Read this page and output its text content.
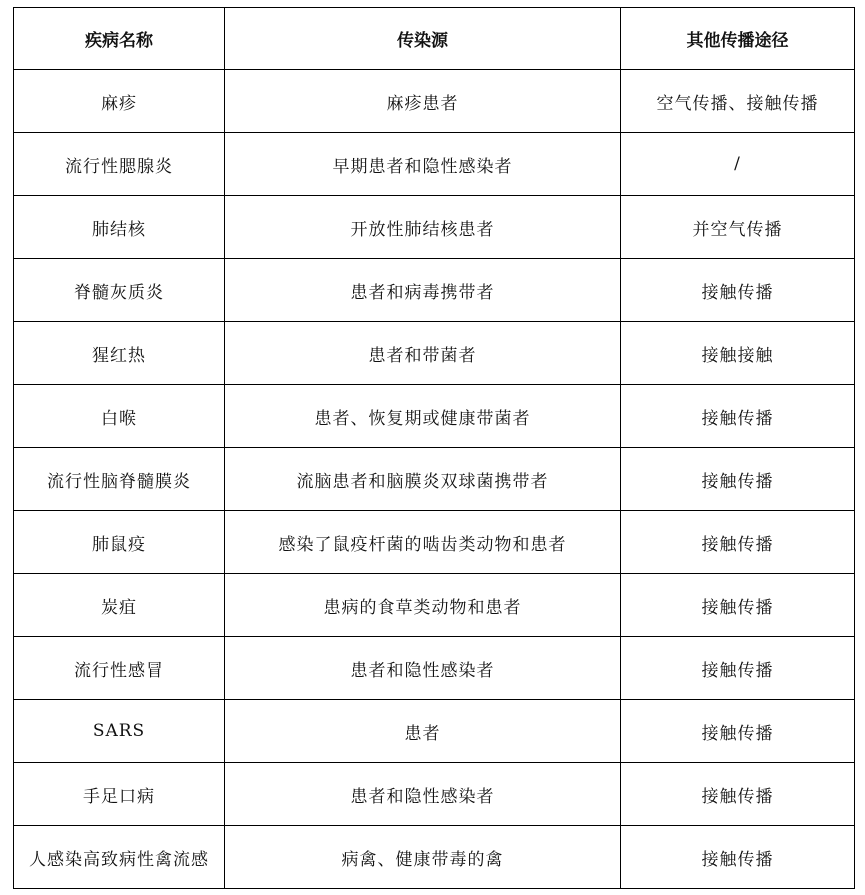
疾病名称	传染源	其他传播途径
麻疹	麻疹患者	空气传播、接触传播
流行性腮腺炎	早期患者和隐性感染者	/
肺结核	开放性肺结核患者	并空气传播
脊髓灰质炎	患者和病毒携带者	接触传播
猩红热	患者和带菌者	接触接触
白喉	患者、恢复期或健康带菌者	接触传播
流行性脑脊髓膜炎	流脑患者和脑膜炎双球菌携带者	接触传播
肺鼠疫	感染了鼠疫杆菌的啮齿类动物和患者	接触传播
炭疽	患病的食草类动物和患者	接触传播
流行性感冒	患者和隐性感染者	接触传播
SARS	患者	接触传播
手足口病	患者和隐性感染者	接触传播
人感染高致病性禽流感	病禽、健康带毒的禽	接触传播
